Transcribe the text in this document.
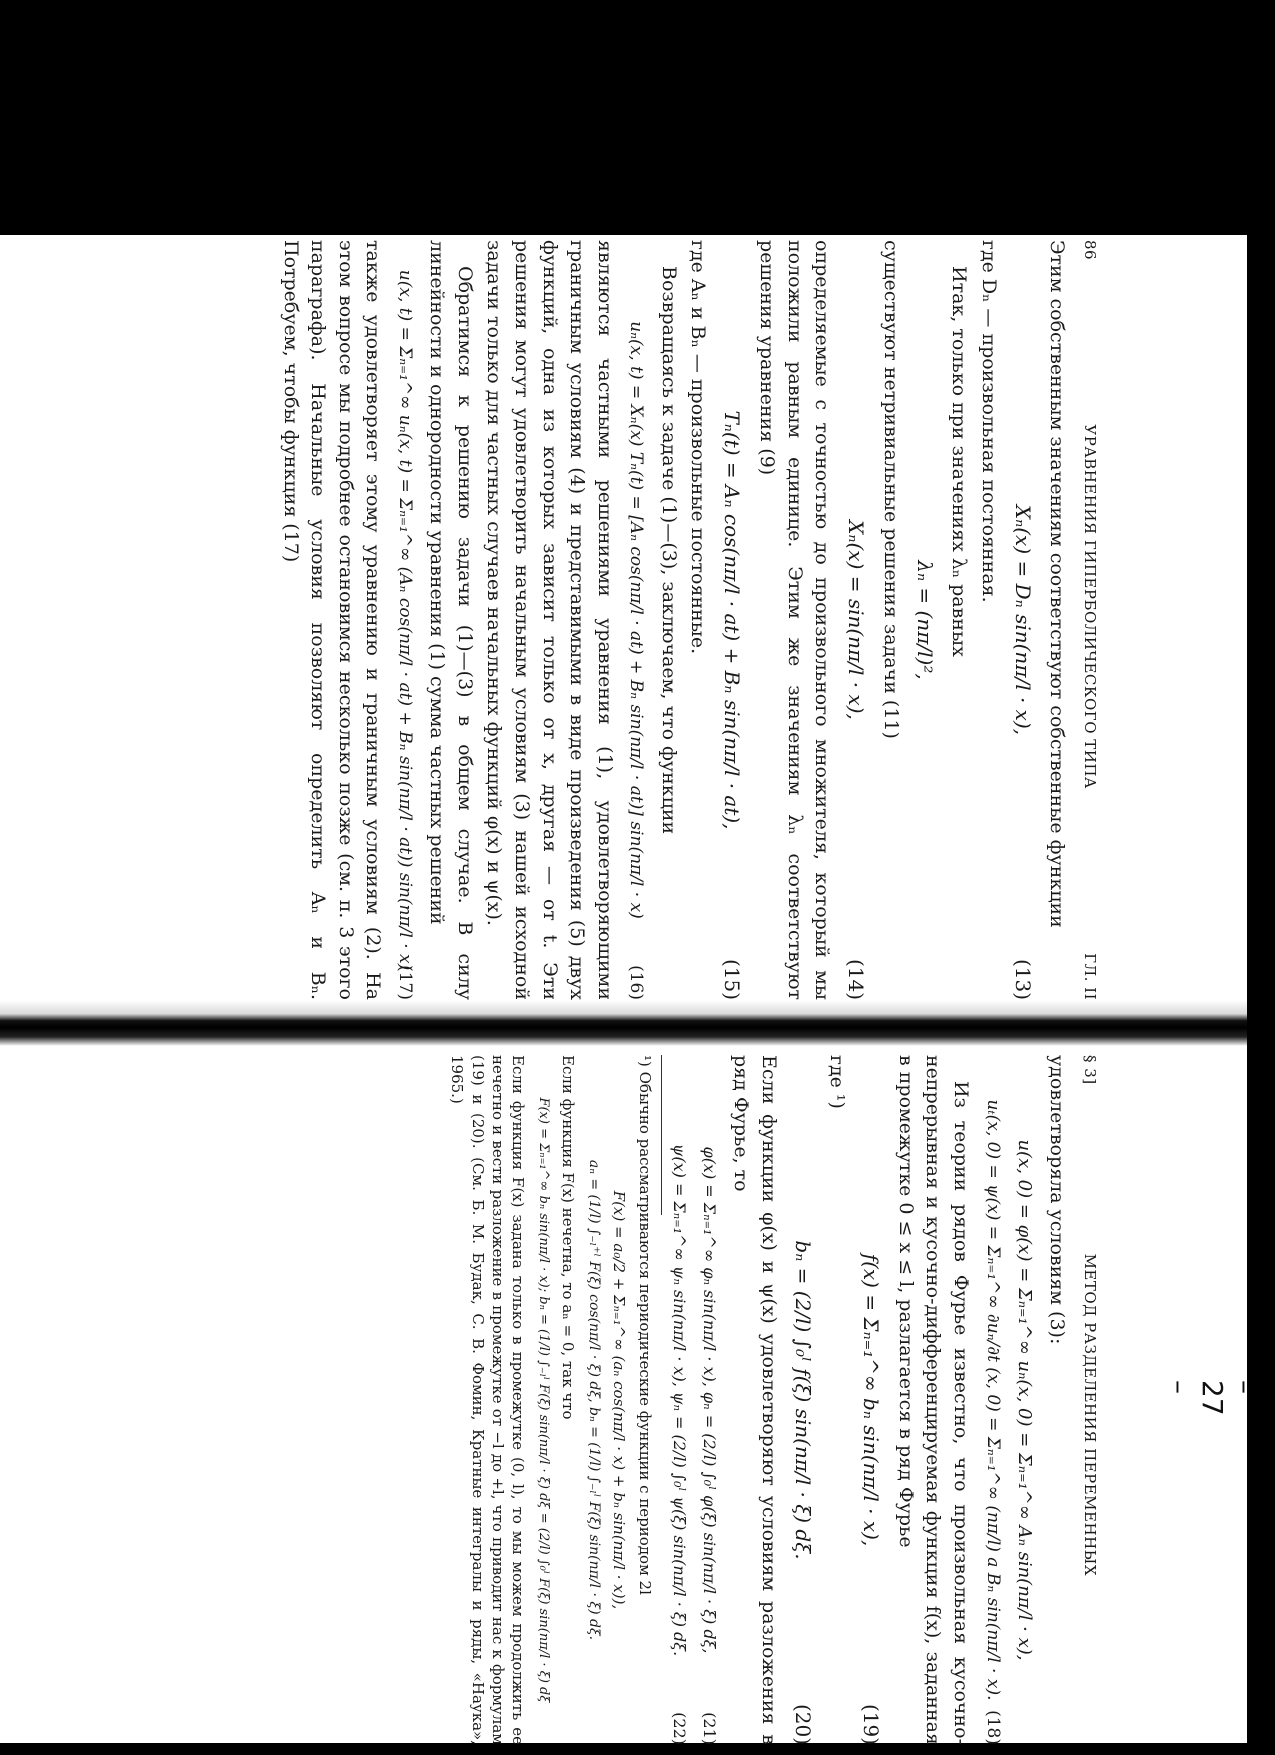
86
УРАВНЕНИЯ ГИПЕРБОЛИЧЕСКОГО ТИПА
ГЛ. II

Этим собственным значениям соответствуют собственные функции

Xₙ(x) = Dₙ sin(nπ/l · x),
(13)

где Dₙ — произвольная постоянная.

Итак, только при значениях λₙ равных

λₙ = (nπ/l)²,

существуют нетривиальные решения задачи (11)

Xₙ(x) = sin(nπ/l · x),
(14)

определяемые с точностью до произвольного множителя, который мы положили равным единице. Этим же значениям λₙ соответствуют решения уравнения (9)

Tₙ(t) = Aₙ cos(nπ/l · at) + Bₙ sin(nπ/l · at),
(15)

где Aₙ и Bₙ — произвольные постоянные.

Возвращаясь к задаче (1)—(3), заключаем, что функции

uₙ(x, t) = Xₙ(x) Tₙ(t) = [Aₙ cos(nπ/l · at) + Bₙ sin(nπ/l · at)] sin(nπ/l · x)
(16)

являются частными решениями уравнения (1), удовлетворяющими граничным условиям (4) и представимыми в виде произведения (5) двух функций, одна из которых зависит только от x, другая — от t. Эти решения могут удовлетворить начальным условиям (3) нашей исходной задачи только для частных случаев начальных функций φ(x) и ψ(x).

Обратимся к решению задачи (1)—(3) в общем случае. В силу линейности и однородности уравнения (1) сумма частных решений

u(x, t) = Σₙ₌₁^∞ uₙ(x, t) = Σₙ₌₁^∞ (Aₙ cos(nπ/l · at) + Bₙ sin(nπ/l · at)) sin(nπ/l · x)
(17)

также удовлетворяет этому уравнению и граничным условиям (2). На этом вопросе мы подробнее остановимся несколько позже (см. п. 3 этого параграфа). Начальные условия позволяют определить Aₙ и Bₙ. Потребуем, чтобы функция (17)

§ 3]
МЕТОД РАЗДЕЛЕНИЯ ПЕРЕМЕННЫХ

удовлетворяла условиям (3):

u(x, 0) = φ(x) = Σₙ₌₁^∞ uₙ(x, 0) = Σₙ₌₁^∞ Aₙ sin(nπ/l · x),
uₜ(x, 0) = ψ(x) = Σₙ₌₁^∞ ∂uₙ/∂t (x, 0) = Σₙ₌₁^∞ (nπ/l) a Bₙ sin(nπ/l · x).
(18)

Из теории рядов Фурье известно, что произвольная кусочно-непрерывная и кусочно-дифференцируемая функция f(x), заданная в промежутке 0 ≤ x ≤ l, разлагается в ряд Фурье

f(x) = Σₙ₌₁^∞ bₙ sin(nπ/l · x),
(19)

где ¹)

bₙ = (2/l) ∫₀ˡ f(ξ) sin(nπ/l · ξ) dξ.
(20)

Если функции φ(x) и ψ(x) удовлетворяют условиям разложения в ряд Фурье, то

φ(x) = Σₙ₌₁^∞ φₙ sin(nπ/l · x), φₙ = (2/l) ∫₀ˡ φ(ξ) sin(nπ/l · ξ) dξ,
(21)
ψ(x) = Σₙ₌₁^∞ ψₙ sin(nπ/l · x), ψₙ = (2/l) ∫₀ˡ ψ(ξ) sin(nπ/l · ξ) dξ.
(22)

¹) Обычно рассматриваются периодические функции с периодом 2l

F(x) = a₀/2 + Σₙ₌₁^∞ (aₙ cos(nπ/l · x) + bₙ sin(nπ/l · x)),
aₙ = (1/l) ∫₋ₗ⁺ˡ F(ξ) cos(nπ/l · ξ) dξ, bₙ = (1/l) ∫₋ₗˡ F(ξ) sin(nπ/l · ξ) dξ.

Если функция F(x) нечетна, то aₙ = 0, так что

F(x) = Σₙ₌₁^∞ bₙ sin(nπ/l · x); bₙ = (1/l) ∫₋ₗˡ F(ξ) sin(nπ/l · ξ) dξ = (2/l) ∫₀ˡ F(ξ) sin(nπ/l · ξ) dξ

Если функция F(x) задана только в промежутке (0, l), то мы можем продолжить ее нечетно и вести разложение в промежутке от −l до +l, что приводит нас к формулам (19) и (20). (См. Б. М. Будак, С. В. Фомин, Кратные интегралы и ряды, «Наука», 1965.)

– 27 –
